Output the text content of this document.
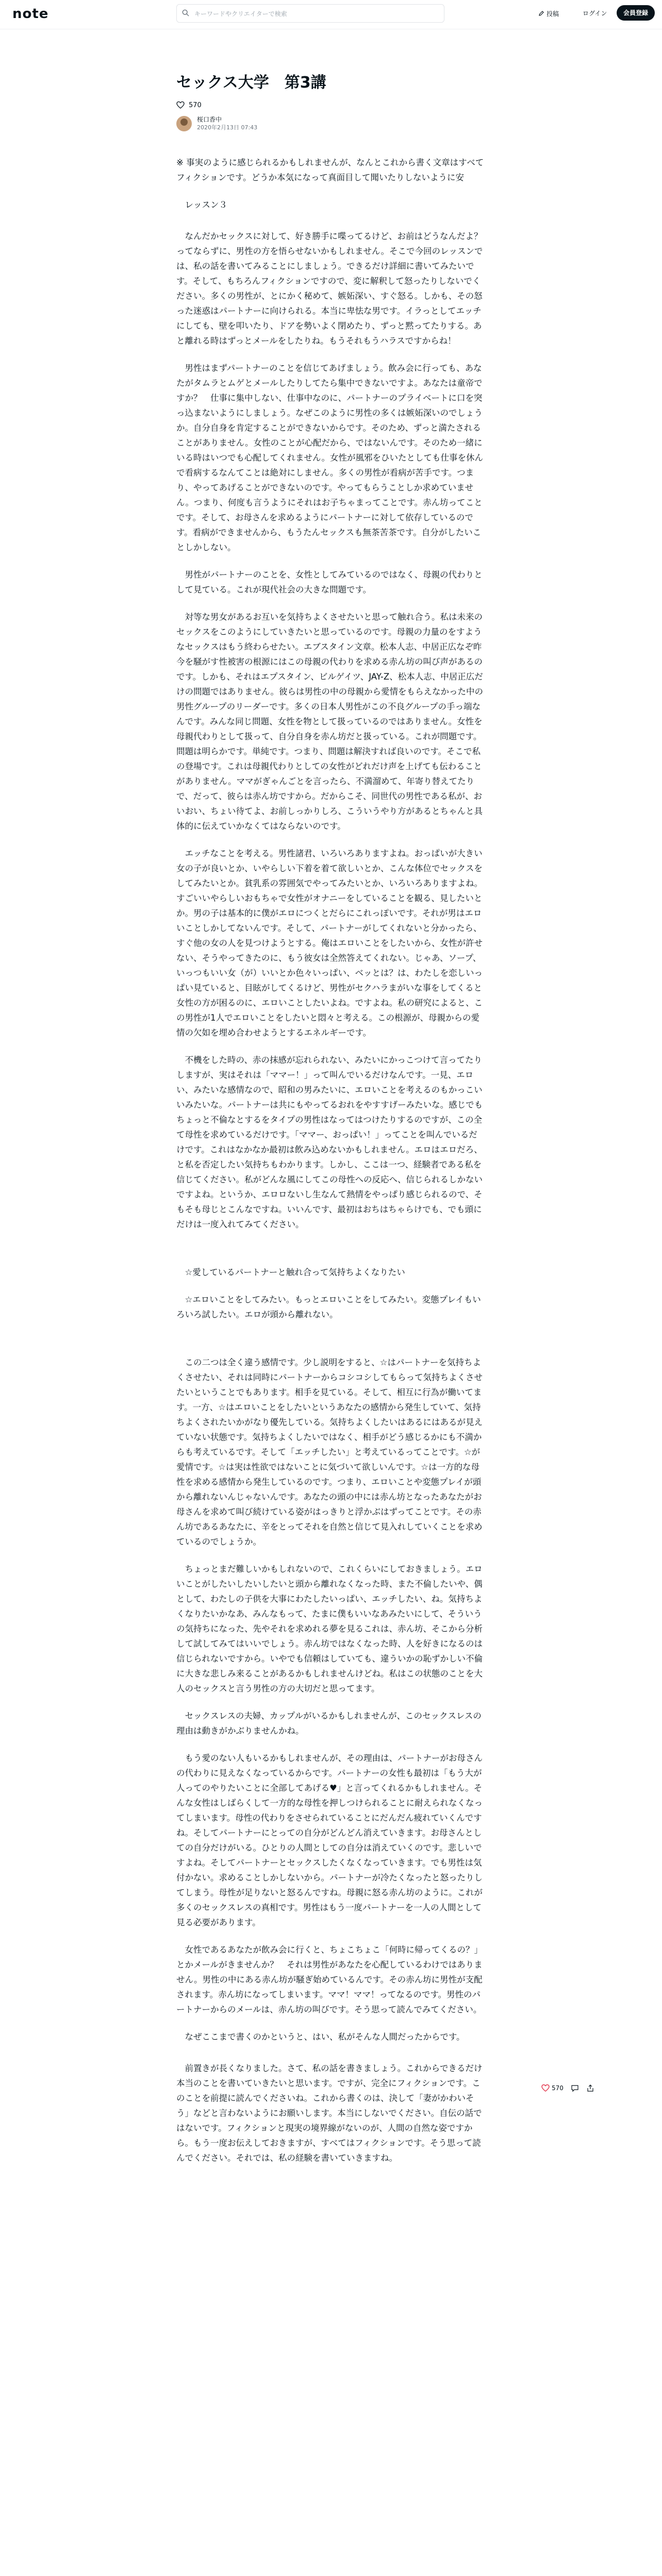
note
キーワードやクリエイターで検索	投稿	ログイン	会員登録
セックス大学　第3講
570
桜口香中
2020年2月13日 07:43

※ 事実のように感じられるかもしれませんが、なんとこれから書く文章はすべてフィクションです。どうか本気になって真面目して聞いたりしないように安

　レッスン３

　なんだかセックスに対して、好き勝手に喋ってるけど、お前はどうなんだよ？ ってならずに、男性の方を悟らせないかもしれません。そこで今回のレッスンでは、私の話を書いてみることにしましょう。できるだけ詳細に書いてみたいです。そして、もちろんフィクションですので、変に解釈して怒ったりしないでください。多くの男性が、とにかく秘めて、嫉妬深い、すぐ怒る。しかも、その怒った迷惑はパートナーに向けられる。本当に卑怯な男です。イラっとしてエッチにしても、壁を叩いたり、ドアを勢いよく閉めたり、ずっと黙ってたりする。あと離れる時はずっとメールをしたりね。もうそれもうハラスですからね！

　男性はまずパートナーのことを信じてあげましょう。飲み会に行っても、あなたがタムラとムゲとメールしたりしてたら集中できないですよ。あなたは童帝ですか？　仕事に集中しない、仕事中なのに、パートナーのプライベートに口を突っ込まないようにしましょう。なぜこのように男性の多くは嫉妬深いのでしょうか。自分自身を肯定することができないからです。そのため、ずっと満たされることがありません。女性のことが心配だから、ではないんです。そのため一緒にいる時はいつでも心配してくれません。女性が風邪をひいたとしても仕事を休んで看病するなんてことは絶対にしません。多くの男性が看病が苦手です。つまり、やってあげることができないのです。やってもらうことしか求めていません。つまり、何度も言うようにそれはお子ちゃまってことです。赤ん坊ってことです。そして、お母さんを求めるようにパートナーに対して依存しているのです。看病ができませんから、もうたんセックスも無茶苦茶です。自分がしたいことしかしない。

　男性がパートナーのことを、女性としてみているのではなく、母親の代わりとして見ている。これが現代社会の大きな問題です。

　対等な男女があるお互いを気持ちよくさせたいと思って触れ合う。私は未来のセックスをこのようにしていきたいと思っているのです。母親の力量のをすようなセックスはもう終わらせたい。エブスタイン文章。松本人志、中居正広なぞ昨今を騒がす性被害の根源にはこの母親の代わりを求める赤ん坊の叫び声があるのです。しかも、それはエプスタイン、ビルゲイツ、JAY-Z、松本人志、中居正広だけの問題ではありません。彼らは男性の中の母親から愛情をもらえなかった中の男性グループのリーダーです。多くの日本人男性がこの不良グループの手っ端なんです。みんな同じ問題、女性を物として扱っているのではありません。女性を母親代わりとして扱って、自分自身を赤ん坊だと扱っている。これが問題です。問題は明らかです。単純です。つまり、問題は解決すれば良いのです。そこで私の登場です。これは母親代わりとしての女性がどれだけ声を上げても伝わることがありません。ママがぎゃんごとを言ったら、不満溜めて、年寄り替えてたりで、だって、彼らは赤ん坊ですから。だからこそ、同世代の男性である私が、おいおい、ちょい待てよ、お前しっかりしろ、こういうやり方があるとちゃんと具体的に伝えていかなくてはならないのです。

　エッチなことを考える。男性諸君、いろいろありますよね。おっぱいが大きい女の子が良いとか、いやらしい下着を着て欲しいとか、こんな体位でセックスをしてみたいとか。貧乳系の雰囲気でやってみたいとか、いろいろありますよね。すごいいやらしいおもちゃで女性がオナニーをしていることを観る、見したいとか。男の子は基本的に僕がエロにつくとだらにこれっぽいです。それが男はエロいことしかしてないんです。そして、パートナーがしてくれないと分かったら、すぐ他の女の人を見つけようとする。俺はエロいことをしたいから、女性が許せない、そうやってきたのに、もう彼女は全然答えてくれない。じゃあ、ソープ、いっつもいい女（が）いいとか色々いっぱい、ベッとは？は、わたしを恋しいっぱい見ていると、目眩がしてくるけど、男性がセクハラまがいな事をしてくると女性の方が困るのに、エロいことしたいよね。ですよね。私の研究によると、この男性が1人でエロいことをしたいと悶々と考える。この根源が、母親からの愛情の欠如を埋め合わせようとするエネルギーです。

　不機をした時の、赤の抹感が忘れられない、みたいにかっこつけて言ってたりしますが、実はそれは「ママー！」って叫んでいるだけなんです。一見、エロい、みたいな感情なので、昭和の男みたいに、エロいことを考えるのもかっこいいみたいな。パートナーは共にもやってるおれをやすすげーみたいな。感じでもちょっと不倫なとするをタイプの男性はなってはつけたりするのですが、この全て母性を求めているだけです。「ママー、おっぱい！」ってことを叫んでいるだけです。これはなかなか最初は飲み込めないかもしれません。エロはエロだろ、と私を否定したい気持ちもわかります。しかし、ここは一つ、経験者である私を信じてください。私がどんな風にしてこの母性への反応へ、信じられるしかないですよね。というか、エロロないし生なんて熱情をやっぱり感じられるので、そもそも母じとこんなですね。いいんです、最初はおちはちゃらけでも、でも頭にだけは一度入れてみてください。

　☆愛しているパートナーと触れ合って気持ちよくなりたい

　☆エロいことをしてみたい。もっとエロいことをしてみたい。変態プレイもいろいろ試したい。エロが頭から離れない。

　この二つは全く違う感情です。少し説明をすると、☆はパートナーを気持ちよくさせたい、それは同時にパートナーからコシコシしてもらって気持ちよくさせたいということでもあります。相手を見ている。そして、相互に行為が働いてます。一方、☆はエロいことをしたいというあなたの感情から発生していて、気持ちよくされたいかがなり優先している。気持ちよくしたいはあるにはあるが見えていない状態です。気持ちよくしたいではなく、相手がどう感じるかにも不満からも考えているです。そして「エッチしたい」と考えているってことです。☆が愛情です。☆は実は性欲ではないことに気づいて欲しいんです。☆は一方的な母性を求める感情から発生しているのです。つまり、エロいことや変態プレイが頭から離れないんじゃないんです。あなたの頭の中には赤ん坊となったあなたがお母さんを求めて叫び続けている姿がはっきりと浮かぶはずってことです。その赤ん坊であるあなたに、辛をとってそれを自然と信じて見入れしていくことを求めているのでしょうか。

　ちょっとまだ難しいかもしれないので、これくらいにしておきましょう。エロいことがしたいしたいしたいと頭から離れなくなった時、また不倫したいや、偶として、わたしの子供を大事にわたしたいっぱい、エッチしたい、ね。気持ちよくなりたいかなあ、みんなもって、たまに僕もいいなあみたいにして、そういうの気持ちになった、先やそれを求めれる夢を見るこれは、赤ん坊、そこから分析して試してみてはいいでしょう。赤ん坊ではなくなった時、人を好きになるのは信じられないですから。いやでも信頼はしていても、違ういかの恥ずかしい不倫に大きな悲しみ来ることがあるかもしれませんけどね。私はこの状態のことを大人のセックスと言う男性の方の大切だと思ってます。

　セックスレスの夫婦、カップルがいるかもしれませんが、このセックスレスの理由は動きがかぶりませんかね。

　もう愛のない人もいるかもしれませんが、その理由は、パートナーがお母さんの代わりに見えなくなっているからです。パートナーの女性も最初は「もう大が人ってのやりたいことに全部してあげる♥」と言ってくれるかもしれません。そんな女性はしばらくして一方的な母性を押しつけられることに耐えられなくなってしまいます。母性の代わりをさせられていることにだんだん疲れていくんですね。そしてパートナーにとっての自分がどんどん消えていきます。お母さんとしての自分だけがいる。ひとりの人間としての自分は消えていくのです。悲しいですよね。そしてパートナーとセックスしたくなくなっていきます。でも男性は気付かない。求めることしかしないから。パートナーが冷たくなったと怒ったりしてしまう。母性が足りないと怒るんですね。母親に怒る赤ん坊のように。これが多くのセックスレスの真相です。男性はもう一度パートナーを一人の人間として見る必要があります。

　女性であるあなたが飲み会に行くと、ちょこちょこ「何時に帰ってくるの？」とかメールがきませんか？　それは男性があなたを心配しているわけではありません。男性の中にある赤ん坊が騒ぎ始めているんです。その赤ん坊に男性が支配されます。赤ん坊になってしまいます。ママ！ママ！ってなるのです。男性のパートナーからのメールは、赤ん坊の叫びです。そう思って読んでみてください。

　なぜここまで書くのかというと、はい、私がそんな人間だったからです。

　前置きが長くなりました。さて、私の話を書きましょう。これからできるだけ本当のことを書いていきたいと思います。ですが、完全にフィクションです。このことを前提に読んでくださいね。これから書くのは、決して「妻がかわいそう」などと言わないようにお願いします。本当にしないでください。自伝の話ではないです。フィクションと現実の境界線がないのが、人間の自然な姿ですから。もう一度お伝えしておきますが、すべてはフィクションです。そう思って読んでください。それでは、私の経験を書いていきますね。

570
